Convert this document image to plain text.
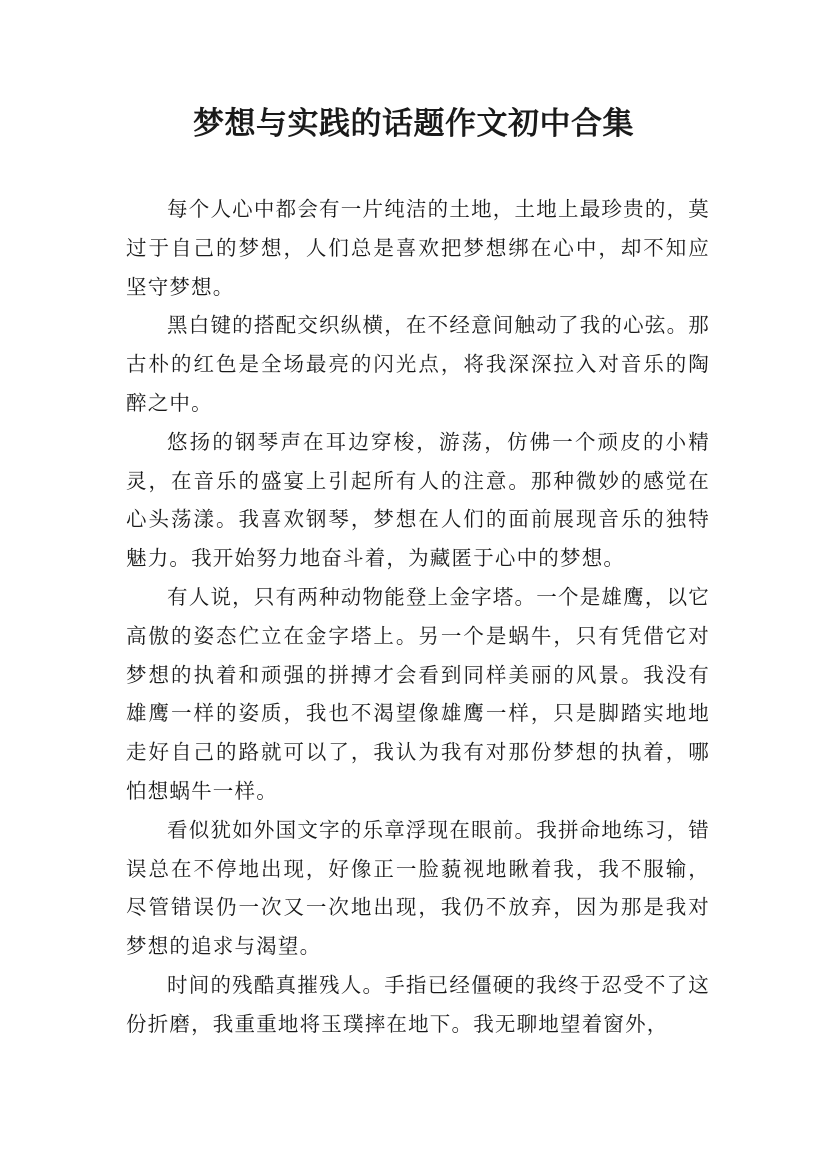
梦想与实践的话题作文初中合集

每个人心中都会有一片纯洁的土地，土地上最珍贵的，莫过于自己的梦想，人们总是喜欢把梦想绑在心中，却不知应坚守梦想。

黑白键的搭配交织纵横，在不经意间触动了我的心弦。那古朴的红色是全场最亮的闪光点，将我深深拉入对音乐的陶醉之中。

悠扬的钢琴声在耳边穿梭，游荡，仿佛一个顽皮的小精灵，在音乐的盛宴上引起所有人的注意。那种微妙的感觉在心头荡漾。我喜欢钢琴，梦想在人们的面前展现音乐的独特魅力。我开始努力地奋斗着，为藏匿于心中的梦想。

有人说，只有两种动物能登上金字塔。一个是雄鹰，以它高傲的姿态伫立在金字塔上。另一个是蜗牛，只有凭借它对梦想的执着和顽强的拼搏才会看到同样美丽的风景。我没有雄鹰一样的姿质，我也不渴望像雄鹰一样，只是脚踏实地地走好自己的路就可以了，我认为我有对那份梦想的执着，哪怕想蜗牛一样。

看似犹如外国文字的乐章浮现在眼前。我拼命地练习，错误总在不停地出现，好像正一脸藐视地瞅着我，我不服输，尽管错误仍一次又一次地出现，我仍不放弃，因为那是我对梦想的追求与渴望。

时间的残酷真摧残人。手指已经僵硬的我终于忍受不了这份折磨，我重重地将玉璞摔在地下。我无聊地望着窗外，
